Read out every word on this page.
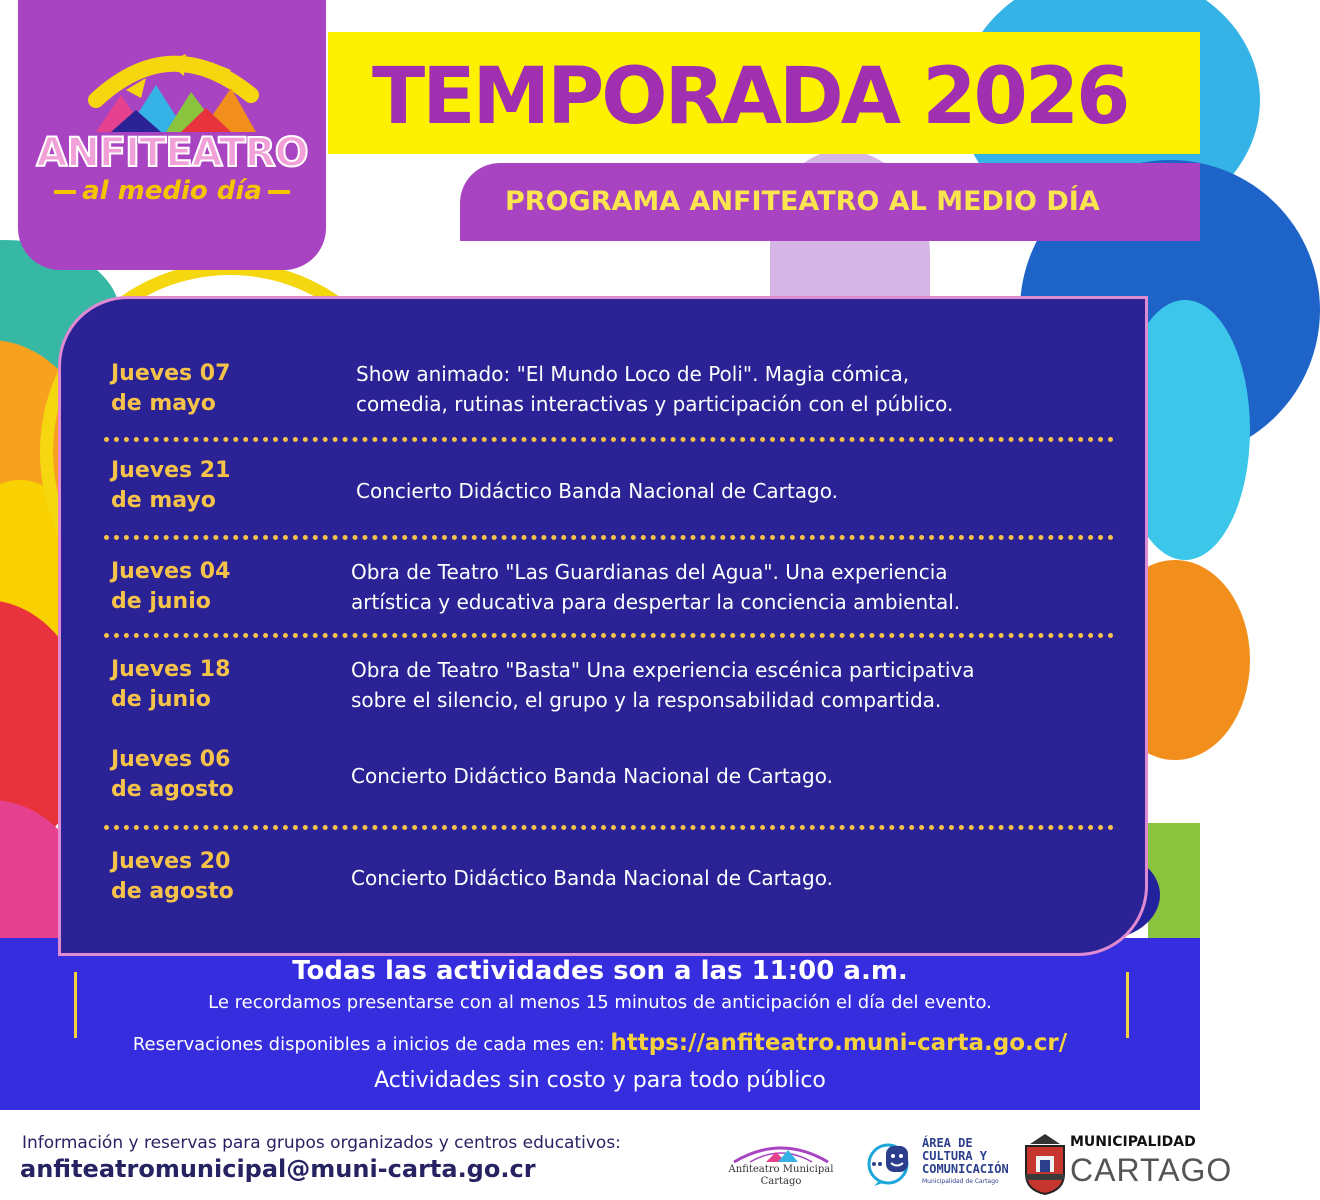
ANFITEATRO
al medio día
TEMPORADA 2026
PROGRAMA ANFITEATRO AL MEDIO DÍA
Jueves 07
de mayo
Show animado: "El Mundo Loco de Poli". Magia cómica,
comedia, rutinas interactivas y participación con el público.
Jueves 21
de mayo	Concierto Didáctico Banda Nacional de Cartago.
Jueves 04
de junio
Obra de Teatro "Las Guardianas del Agua". Una experiencia
artística y educativa para despertar la conciencia ambiental.
Jueves 18
de junio
Obra de Teatro "Basta" Una experiencia escénica participativa
sobre el silencio, el grupo y la responsabilidad compartida.
Jueves 06
de agosto
Concierto Didáctico Banda Nacional de Cartago.
Jueves 20
de agosto
Concierto Didáctico Banda Nacional de Cartago.
Todas las actividades son a las 11:00 a.m.
Le recordamos presentarse con al menos 15 minutos de anticipación el día del evento.
Reservaciones disponibles a inicios de cada mes en: https://anfiteatro.muni-carta.go.cr/
Actividades sin costo y para todo público
Información y reservas para grupos organizados y centros educativos:
anfiteatromunicipal@muni-carta.go.cr	Anfiteatro Municipal Cartago
ÁREA DE
CULTURA Y
COMUNICACIÓN
Municipalidad de Cartago
MUNICIPALIDAD
CARTAGO
